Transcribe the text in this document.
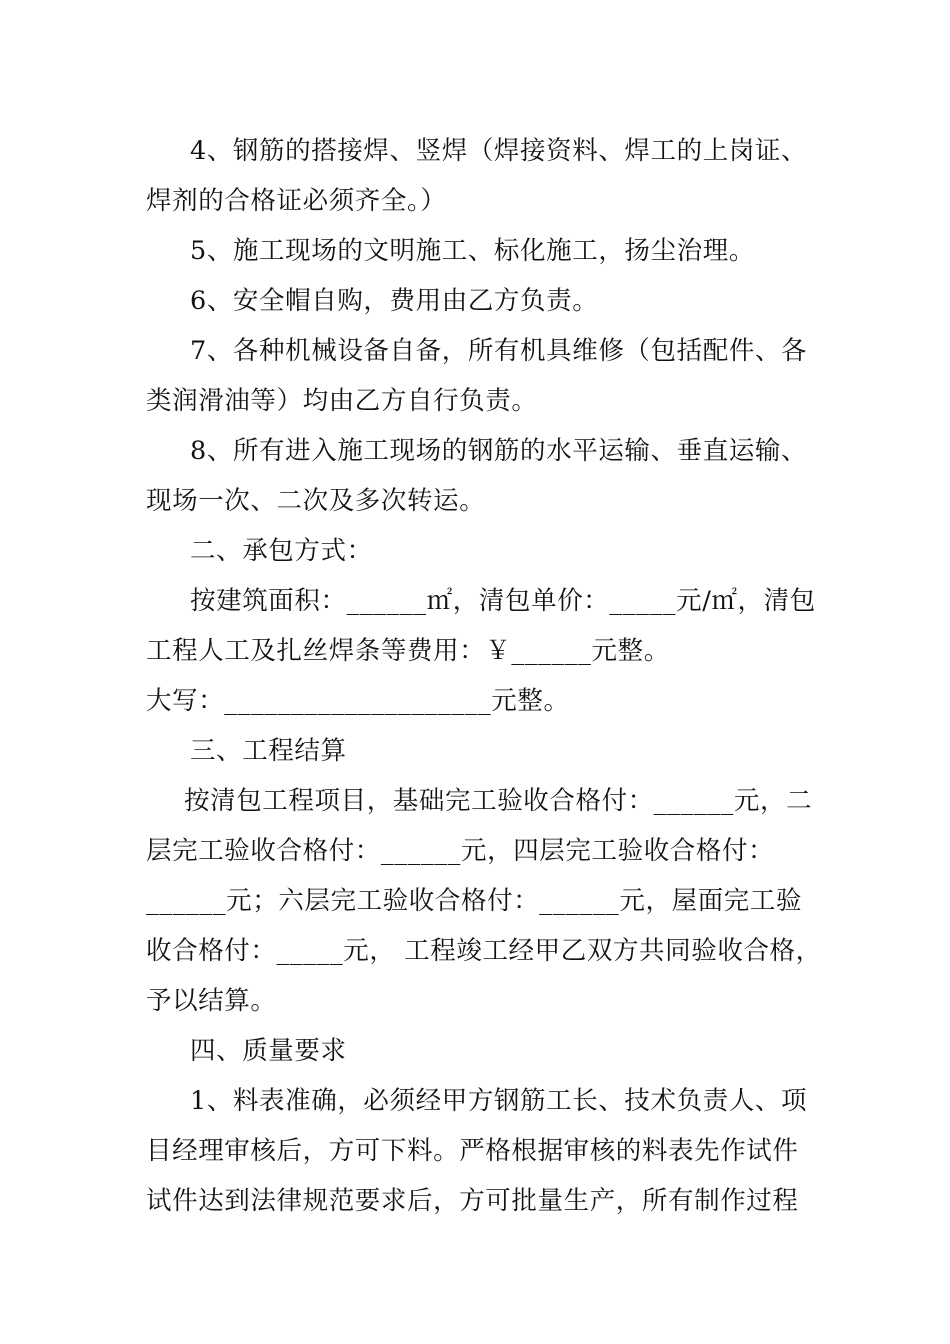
4、钢筋的搭接焊、竖焊（焊接资料、焊工的上岗证、
焊剂的合格证必须齐全。）
5、施工现场的文明施工、标化施工，扬尘治理。
6、安全帽自购，费用由乙方负责。
7、各种机械设备自备，所有机具维修（包括配件、各
类润滑油等）均由乙方自行负责。
8、所有进入施工现场的钢筋的水平运输、垂直运输、
现场一次、二次及多次转运。
二、承包方式：
按建筑面积：______㎡，清包单价：_____元/㎡，清包
工程人工及扎丝焊条等费用：￥______元整。
大写：____________________元整。
三、工程结算
按清包工程项目，基础完工验收合格付：______元，二
层完工验收合格付：______元，四层完工验收合格付：
______元；六层完工验收合格付：______元，屋面完工验
收合格付：_____元， 工程竣工经甲乙双方共同验收合格，
予以结算。
四、质量要求
1、料表准确，必须经甲方钢筋工长、技术负责人、项
目经理审核后，方可下料。严格根据审核的料表先作试件
试件达到法律规范要求后，方可批量生产，所有制作过程
